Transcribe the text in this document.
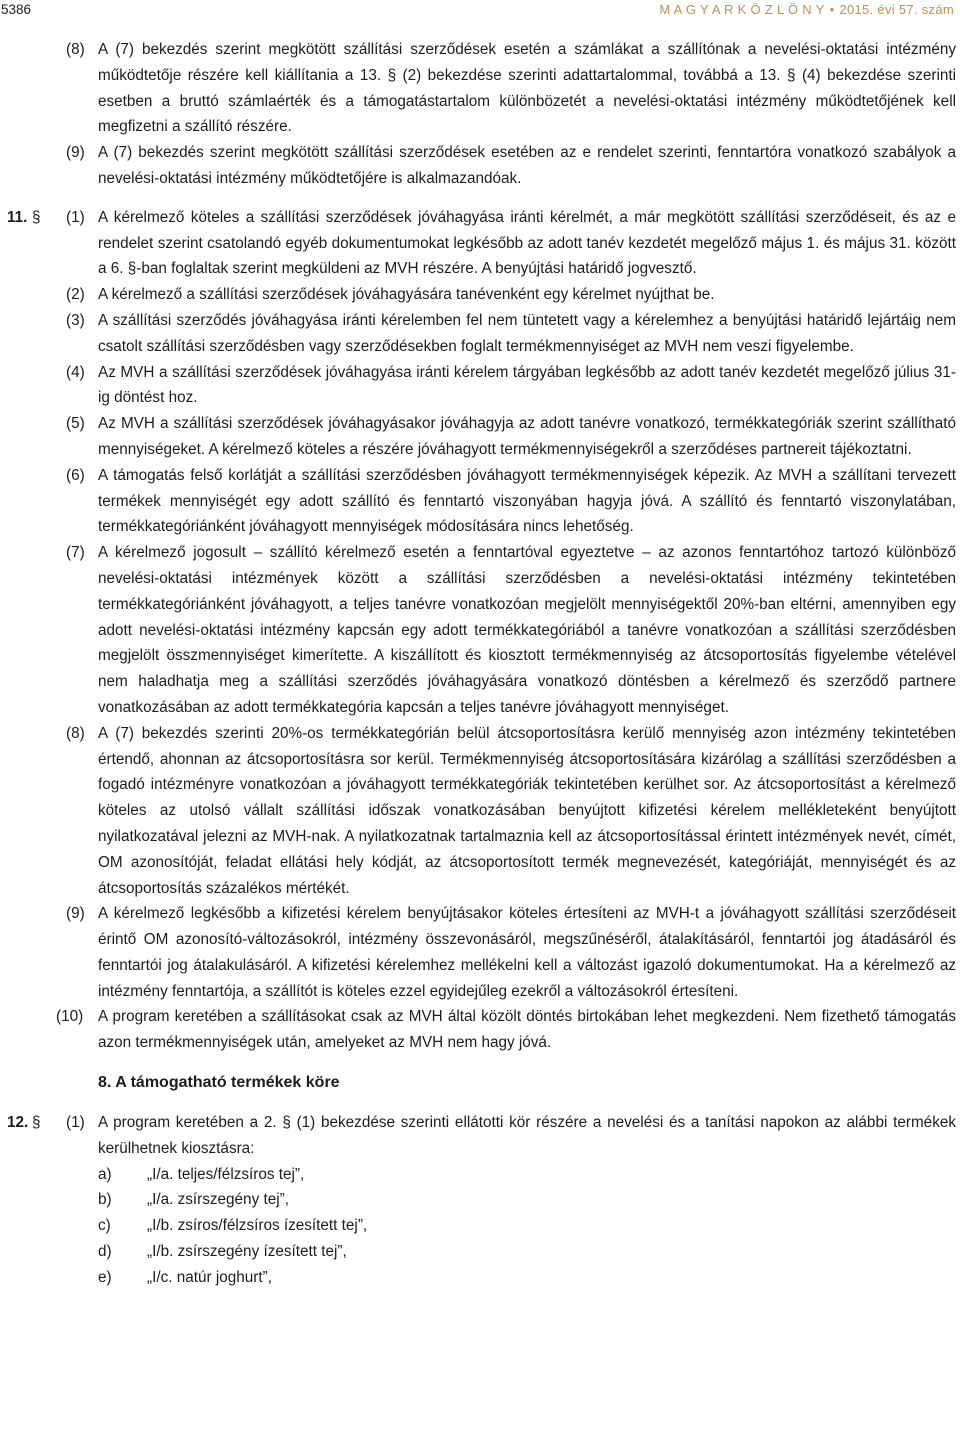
5386	M A G Y A R K Ö Z L Ö N Y • 2015. évi 57. szám
(8) A (7) bekezdés szerint megkötött szállítási szerződések esetén a számlákat a szállítónak a nevelési-oktatási intézmény működtetője részére kell kiállítania a 13. § (2) bekezdése szerinti adattartalommal, továbbá a 13. § (4) bekezdése szerinti esetben a bruttó számlaérték és a támogatástartalom különbözetét a nevelési-oktatási intézmény működtetőjének kell megfizetni a szállító részére.
(9) A (7) bekezdés szerint megkötött szállítási szerződések esetében az e rendelet szerinti, fenntartóra vonatkozó szabályok a nevelési-oktatási intézmény működtetőjére is alkalmazandóak.
11. § (1) A kérelmező köteles a szállítási szerződések jóváhagyása iránti kérelmét, a már megkötött szállítási szerződéseit, és az e rendelet szerint csatolandó egyéb dokumentumokat legkésőbb az adott tanév kezdetét megelőző május 1. és május 31. között a 6. §-ban foglaltak szerint megküldeni az MVH részére. A benyújtási határidő jogvesztő.
(2) A kérelmező a szállítási szerződések jóváhagyására tanévenként egy kérelmet nyújthat be.
(3) A szállítási szerződés jóváhagyása iránti kérelemben fel nem tüntetett vagy a kérelemhez a benyújtási határidő lejártáig nem csatolt szállítási szerződésben vagy szerződésekben foglalt termékmennyiséget az MVH nem veszi figyelembe.
(4) Az MVH a szállítási szerződések jóváhagyása iránti kérelem tárgyában legkésőbb az adott tanév kezdetét megelőző július 31-ig döntést hoz.
(5) Az MVH a szállítási szerződések jóváhagyásakor jóváhagyja az adott tanévre vonatkozó, termékkategóriák szerint szállítható mennyiségeket. A kérelmező köteles a részére jóváhagyott termékmennyiségekről a szerződéses partnereit tájékoztatni.
(6) A támogatás felső korlátját a szállítási szerződésben jóváhagyott termékmennyiségek képezik. Az MVH a szállítani tervezett termékek mennyiségét egy adott szállító és fenntartó viszonyában hagyja jóvá. A szállító és fenntartó viszonylatában, termékkategóriánként jóváhagyott mennyiségek módosítására nincs lehetőség.
(7) A kérelmező jogosult – szállító kérelmező esetén a fenntartóval egyeztetve – az azonos fenntartóhoz tartozó különböző nevelési-oktatási intézmények között a szállítási szerződésben a nevelési-oktatási intézmény tekintetében termékkategóriánként jóváhagyott, a teljes tanévre vonatkozóan megjelölt mennyiségektől 20%-ban eltérni, amennyiben egy adott nevelési-oktatási intézmény kapcsán egy adott termékkategóriából a tanévre vonatkozóan a szállítási szerződésben megjelölt összmennyiséget kimerítette. A kiszállított és kiosztott termékmennyiség az átcsoportosítás figyelembe vételével nem haladhatja meg a szállítási szerződés jóváhagyására vonatkozó döntésben a kérelmező és szerződő partnere vonatkozásában az adott termékkategória kapcsán a teljes tanévre jóváhagyott mennyiséget.
(8) A (7) bekezdés szerinti 20%-os termékkategórián belül átcsoportosításra kerülő mennyiség azon intézmény tekintetében értendő, ahonnan az átcsoportosításra sor kerül. Termékmennyiség átcsoportosítására kizárólag a szállítási szerződésben a fogadó intézményre vonatkozóan a jóváhagyott termékkategóriák tekintetében kerülhet sor. Az átcsoportosítást a kérelmező köteles az utolsó vállalt szállítási időszak vonatkozásában benyújtott kifizetési kérelem mellékleteként benyújtott nyilatkozatával jelezni az MVH-nak. A nyilatkozatnak tartalmaznia kell az átcsoportosítással érintett intézmények nevét, címét, OM azonosítóját, feladat ellátási hely kódját, az átcsoportosított termék megnevezését, kategóriáját, mennyiségét és az átcsoportosítás százalékos mértékét.
(9) A kérelmező legkésőbb a kifizetési kérelem benyújtásakor köteles értesíteni az MVH-t a jóváhagyott szállítási szerződéseit érintő OM azonosító-változásokról, intézmény összevonásáról, megszűnéséről, átalakításáról, fenntartói jog átadásáról és fenntartói jog átalakulásáról. A kifizetési kérelemhez mellékelni kell a változást igazoló dokumentumokat. Ha a kérelmező az intézmény fenntartója, a szállítót is köteles ezzel egyidejűleg ezekről a változásokról értesíteni.
(10) A program keretében a szállításokat csak az MVH által közölt döntés birtokában lehet megkezdeni. Nem fizethető támogatás azon termékmennyiségek után, amelyeket az MVH nem hagy jóvá.
8. A támogatható termékek köre
12. § (1) A program keretében a 2. § (1) bekezdése szerinti ellátotti kör részére a nevelési és a tanítási napokon az alábbi termékek kerülhetnek kiosztásra:
a) „I/a. teljes/félzsíros tej”,
b) „I/a. zsírszegény tej”,
c) „I/b. zsíros/félzsíros ízesített tej”,
d) „I/b. zsírszegény ízesített tej”,
e) „I/c. natúr joghurt”,
